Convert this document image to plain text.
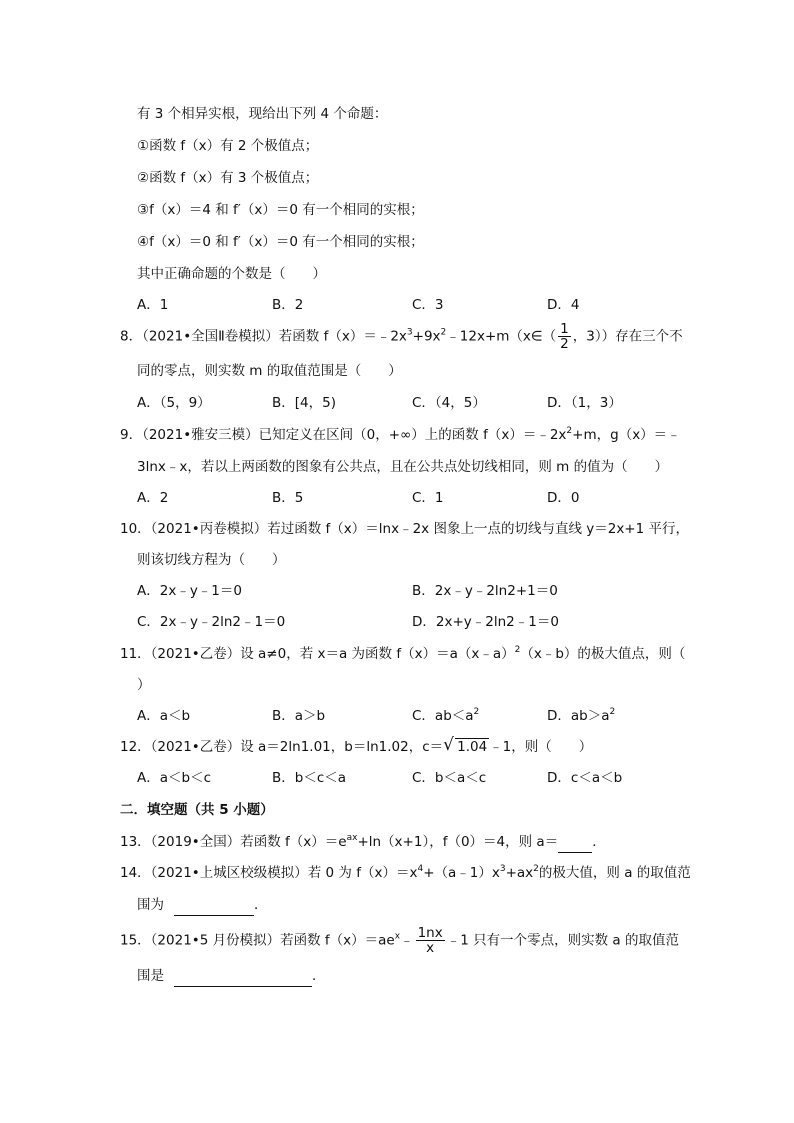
有 3 个相异实根，现给出下列 4 个命题：
①函数 f（x）有 2 个极值点；
②函数 f（x）有 3 个极值点；
③f（x）＝4 和 f′（x）＝0 有一个相同的实根；
④f（x）＝0 和 f′（x）＝0 有一个相同的实根；
其中正确命题的个数是（　　）
A．1	B．2	C．3	D．4
8．（2021•全国Ⅱ卷模拟）若函数 $f(x)=﹣2x^3+9x^2﹣12x+m(x\in( \frac{1}{2}$ ，3））存在三个不
同的零点，则实数 m 的取值范围是（　　）
A．（5，9）	B．[4，5)	C．（4，5）	D．（1，3）
9．（2021•雅安三模）已知定义在区间（0，+∞）上的函数 $f(x)=﹣2x^2+m$，g（x）＝﹣
3lnx﹣x，若以上两函数的图象有公共点，且在公共点处切线相同，则 m 的值为（　　）
A．2	B．5	C．1	D．0
10．（2021•丙卷模拟）若过函数 f（x）＝lnx﹣2x 图象上一点的切线与直线 y＝2x+1 平行，
则该切线方程为（　　）
A．2x﹣y﹣1＝0	B．2x﹣y﹣2ln2+1＝0
C．2x﹣y﹣2ln2﹣1＝0	D．2x+y﹣2ln2﹣1＝0
11．（2021•乙卷）设 a≠0，若 x＝a 为函数 f（x）＝a（x﹣a）$^2$（x﹣b）的极大值点，则（
）
A．a＜b	B．a＞b	C．$ab<a^2$	D．$ab>a^2$
12．（2021•乙卷）设 a＝2ln1.01，b＝ln1.02，c＝ √ 1.04 ﹣1，则（　　）
A．a＜b＜c	B．b＜c＜a	C．b＜a＜c	D．c＜a＜b
二．填空题（共 5 小题）
13．（2019•全国）若函数 $f(x)=e^{ax}+\ln(x+1)$，f（0）＝4，则 a＝	．
14．（2021•上城区校级模拟）若 0 为 $f(x)=x^4+(a﹣1)x^3+ax^2$的极大值，则 a 的取值范
围为	．
15．（2021•5 月份模拟）若函数 $f(x)=ae^x﹣ \frac{1nx}{x}$ ﹣1 只有一个零点，则实数 a 的取值范
围是	．
